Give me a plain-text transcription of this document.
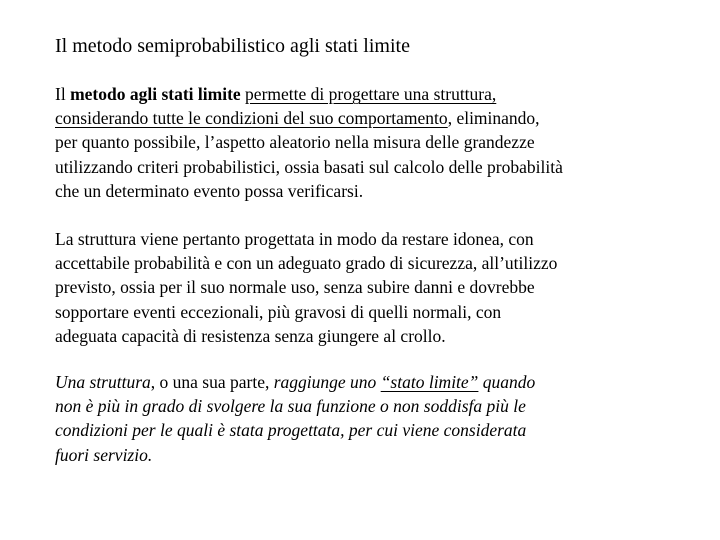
Il metodo semiprobabilistico agli stati limite
Il metodo agli stati limite permette di progettare una struttura,
considerando tutte le condizioni del suo comportamento, eliminando,
per quanto possibile, l’aspetto aleatorio nella misura delle grandezze
utilizzando criteri probabilistici, ossia basati sul calcolo delle probabilità
che un determinato evento possa verificarsi.
La struttura viene pertanto progettata in modo da restare idonea, con
accettabile probabilità e con un adeguato grado di sicurezza, all’utilizzo
previsto, ossia per il suo normale uso, senza subire danni e dovrebbe
sopportare eventi eccezionali, più gravosi di quelli normali, con
adeguata capacità di resistenza senza giungere al crollo.
Una struttura, o una sua parte, raggiunge uno “stato limite” quando
non è più in grado di svolgere la sua funzione o non soddisfa più le
condizioni per le quali è stata progettata, per cui viene considerata
fuori servizio.
